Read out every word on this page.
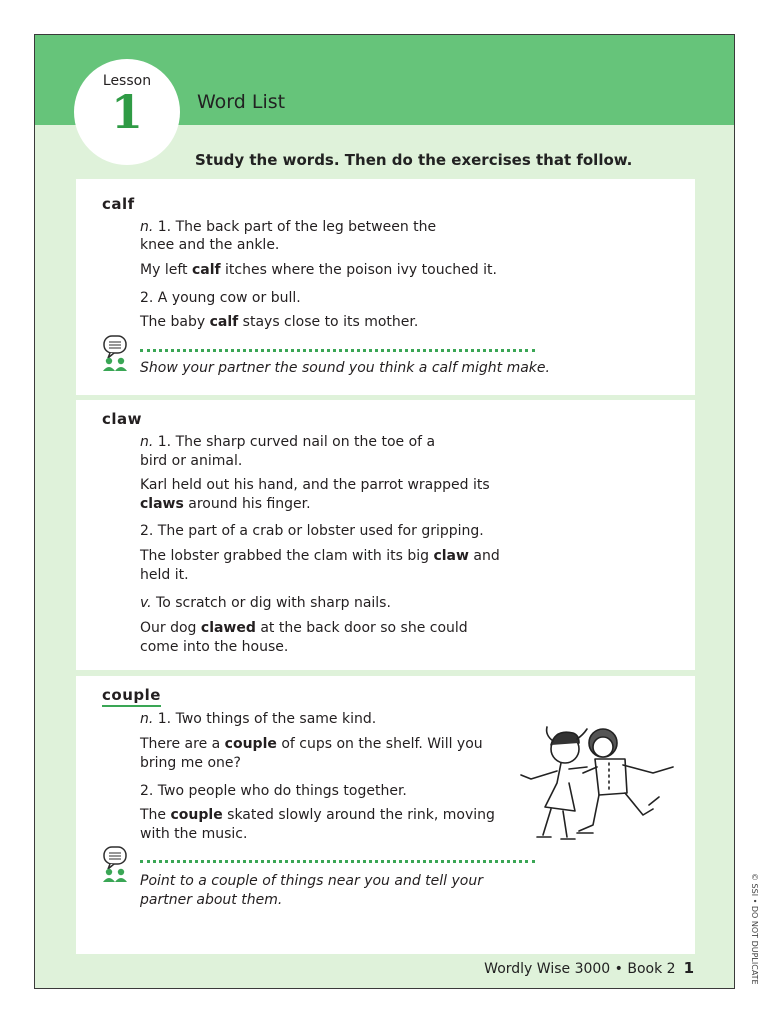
Lesson
1	Word List
Study the words. Then do the exercises that follow.
calf
n. 1. The back part of the leg between the
knee and the ankle.
My left calf itches where the poison ivy touched it.
2. A young cow or bull.
The baby calf stays close to its mother.
Show your partner the sound you think a calf might make.
claw
n. 1. The sharp curved nail on the toe of a
bird or animal.
Karl held out his hand, and the parrot wrapped its
claws around his finger.
2. The part of a crab or lobster used for gripping.
The lobster grabbed the clam with its big claw and
held it.
v. To scratch or dig with sharp nails.
Our dog clawed at the back door so she could
come into the house.
couple
n. 1. Two things of the same kind.
There are a couple of cups on the shelf. Will you
bring me one?
2. Two people who do things together.
The couple skated slowly around the rink, moving
with the music.
Point to a couple of things near you and tell your
partner about them.	© SSI • DO NOT DUPLICATE
Wordly Wise 3000 • Book 2 1
